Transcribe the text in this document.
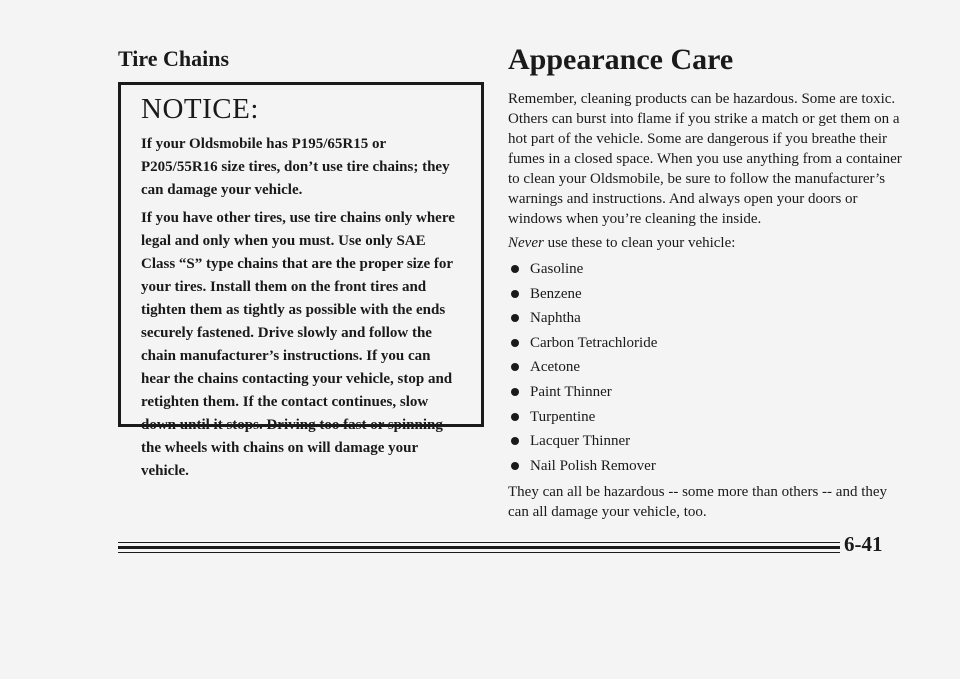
Tire Chains
NOTICE:

If your Oldsmobile has P195/65R15 or P205/55R16 size tires, don’t use tire chains; they can damage your vehicle.

If you have other tires, use tire chains only where legal and only when you must. Use only SAE Class “S” type chains that are the proper size for your tires. Install them on the front tires and tighten them as tightly as possible with the ends securely fastened. Drive slowly and follow the chain manufacturer’s instructions. If you can hear the chains contacting your vehicle, stop and retighten them. If the contact continues, slow down until it stops. Driving too fast or spinning the wheels with chains on will damage your vehicle.

Appearance Care

Remember, cleaning products can be hazardous. Some are toxic. Others can burst into flame if you strike a match or get them on a hot part of the vehicle. Some are dangerous if you breathe their fumes in a closed space. When you use anything from a container to clean your Oldsmobile, be sure to follow the manufacturer’s warnings and instructions. And always open your doors or windows when you’re cleaning the inside.

Never use these to clean your vehicle:

Gasoline
Benzene
Naphtha
Carbon Tetrachloride
Acetone
Paint Thinner
Turpentine
Lacquer Thinner
Nail Polish Remover

They can all be hazardous -- some more than others -- and they can all damage your vehicle, too.

6-41
